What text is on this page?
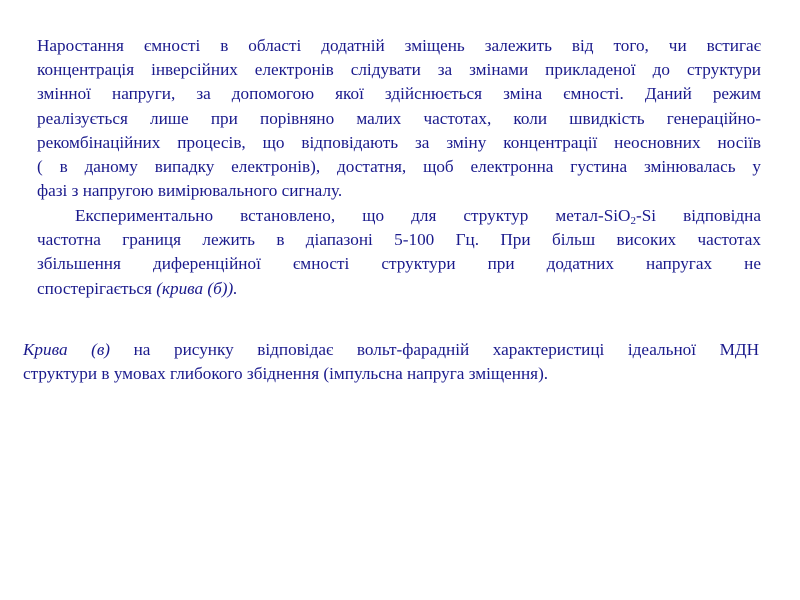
Наростання ємності в області додатній зміщень залежить від того, чи встигає
концентрація інверсійних електронів слідувати за змінами прикладеної до структури
змінної напруги, за допомогою якої здійснюється зміна ємності. Даний режим
реалізується лише при порівняно малих частотах, коли швидкість генераційно-
рекомбінаційних процесів, що відповідають за зміну концентрації неосновних носіїв
( в даному випадку електронів), достатня, щоб електронна густина змінювалась у
фазі з напругою вимірювального сигналу.
Експериментально встановлено, що для структур метал-SiO$_2$-Si відповідна
частотна границя лежить в діапазоні 5-100 Гц. При більш високих частотах
збільшення диференційної ємності структури при додатних напругах не
спостерігається (крива (б)).
Крива (в) на рисунку відповідає вольт-фарадній характеристиці ідеальної МДН
структури в умовах глибокого збіднення (імпульсна напруга зміщення).
